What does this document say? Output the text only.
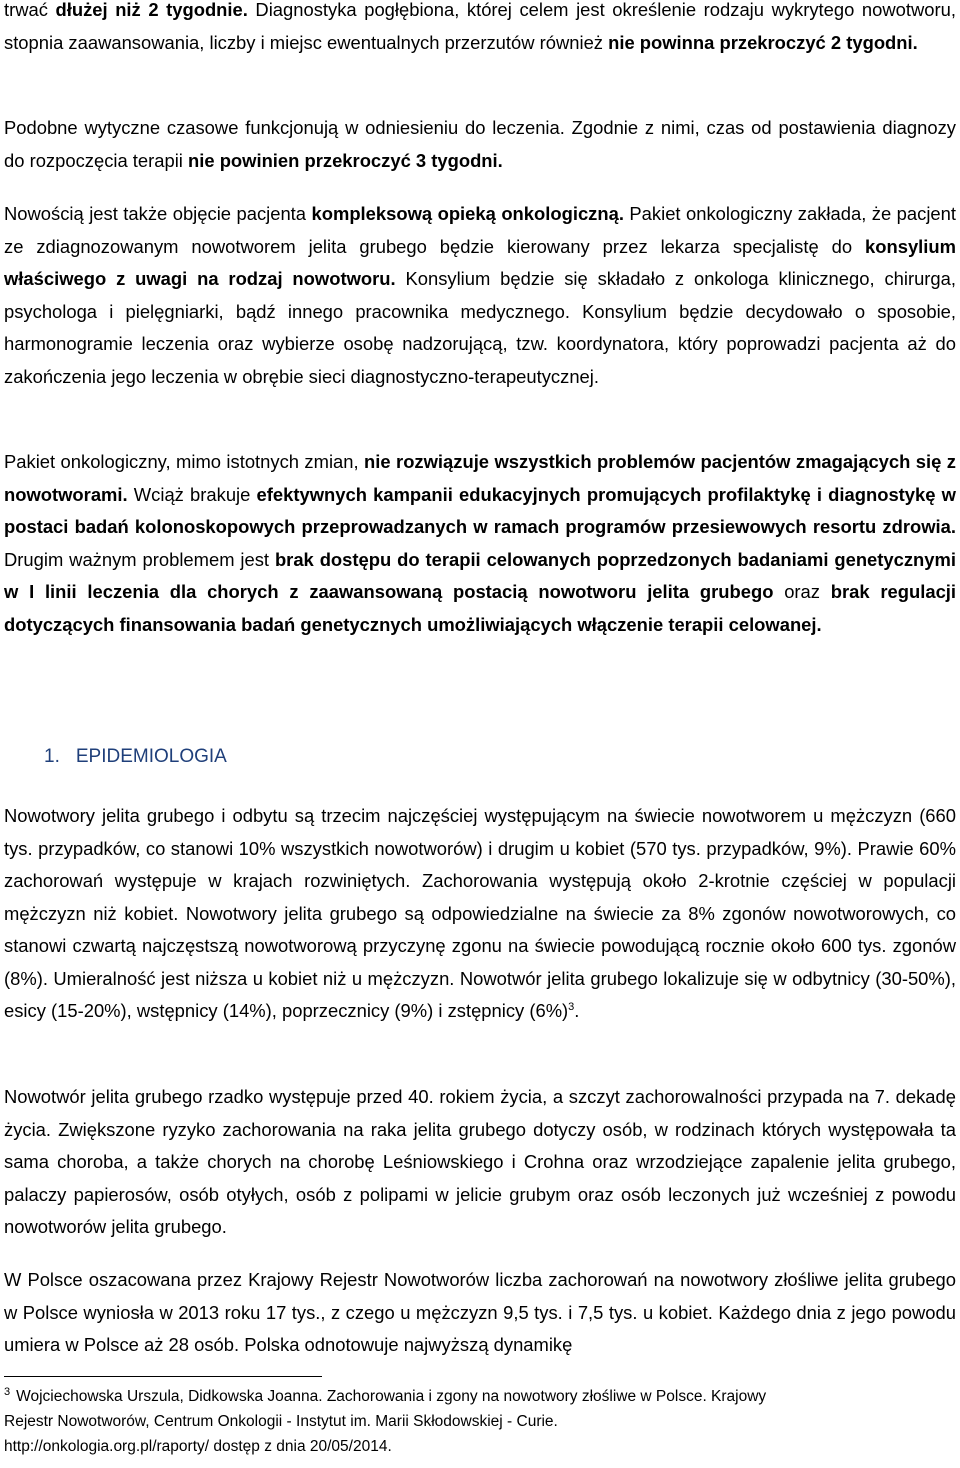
trwać dłużej niż 2 tygodnie. Diagnostyka pogłębiona, której celem jest określenie rodzaju wykrytego nowotworu, stopnia zaawansowania, liczby i miejsc ewentualnych przerzutów również nie powinna przekroczyć 2 tygodni.

Podobne wytyczne czasowe funkcjonują w odniesieniu do leczenia. Zgodnie z nimi, czas od postawienia diagnozy do rozpoczęcia terapii nie powinien przekroczyć 3 tygodni.

Nowością jest także objęcie pacjenta kompleksową opieką onkologiczną. Pakiet onkologiczny zakłada, że pacjent ze zdiagnozowanym nowotworem jelita grubego będzie kierowany przez lekarza specjalistę do konsylium właściwego z uwagi na rodzaj nowotworu. Konsylium będzie się składało z onkologa klinicznego, chirurga, psychologa i pielęgniarki, bądź innego pracownika medycznego. Konsylium będzie decydowało o sposobie, harmonogramie leczenia oraz wybierze osobę nadzorującą, tzw. koordynatora, który poprowadzi pacjenta aż do zakończenia jego leczenia w obrębie sieci diagnostyczno-terapeutycznej.

Pakiet onkologiczny, mimo istotnych zmian, nie rozwiązuje wszystkich problemów pacjentów zmagających się z nowotworami. Wciąż brakuje efektywnych kampanii edukacyjnych promujących profilaktykę i diagnostykę w postaci badań kolonoskopowych przeprowadzanych w ramach programów przesiewowych resortu zdrowia. Drugim ważnym problemem jest brak dostępu do terapii celowanych poprzedzonych badaniami genetycznymi w I linii leczenia dla chorych z zaawansowaną postacią nowotworu jelita grubego oraz brak regulacji dotyczących finansowania badań genetycznych umożliwiających włączenie terapii celowanej.

1. EPIDEMIOLOGIA

Nowotwory jelita grubego i odbytu są trzecim najczęściej występującym na świecie nowotworem u mężczyzn (660 tys. przypadków, co stanowi 10% wszystkich nowotworów) i drugim u kobiet (570 tys. przypadków, 9%). Prawie 60% zachorowań występuje w krajach rozwiniętych. Zachorowania występują około 2-krotnie częściej w populacji mężczyzn niż kobiet. Nowotwory jelita grubego są odpowiedzialne na świecie za 8% zgonów nowotworowych, co stanowi czwartą najczęstszą nowotworową przyczynę zgonu na świecie powodującą rocznie około 600 tys. zgonów (8%). Umieralność jest niższa u kobiet niż u mężczyzn. Nowotwór jelita grubego lokalizuje się w odbytnicy (30-50%), esicy (15-20%), wstępnicy (14%), poprzecznicy (9%) i zstępnicy $(6\%)^3$.

Nowotwór jelita grubego rzadko występuje przed 40. rokiem życia, a szczyt zachorowalności przypada na 7. dekadę życia. Zwiększone ryzyko zachorowania na raka jelita grubego dotyczy osób, w rodzinach których występowała ta sama choroba, a także chorych na chorobę Leśniowskiego i Crohna oraz wrzodziejące zapalenie jelita grubego, palaczy papierosów, osób otyłych, osób z polipami w jelicie grubym oraz osób leczonych już wcześniej z powodu nowotworów jelita grubego.

W Polsce oszacowana przez Krajowy Rejestr Nowotworów liczba zachorowań na nowotwory złośliwe jelita grubego w Polsce wyniosła w 2013 roku 17 tys., z czego u mężczyzn 9,5 tys. i 7,5 tys. u kobiet. Każdego dnia z jego powodu umiera w Polsce aż 28 osób. Polska odnotowuje najwyższą dynamikę

$^3$ Wojciechowska Urszula, Didkowska Joanna. Zachorowania i zgony na nowotwory złośliwe w Polsce. Krajowy
Rejestr Nowotworów, Centrum Onkologii - Instytut im. Marii Skłodowskiej - Curie.
http://onkologia.org.pl/raporty/ dostęp z dnia 20/05/2014.
